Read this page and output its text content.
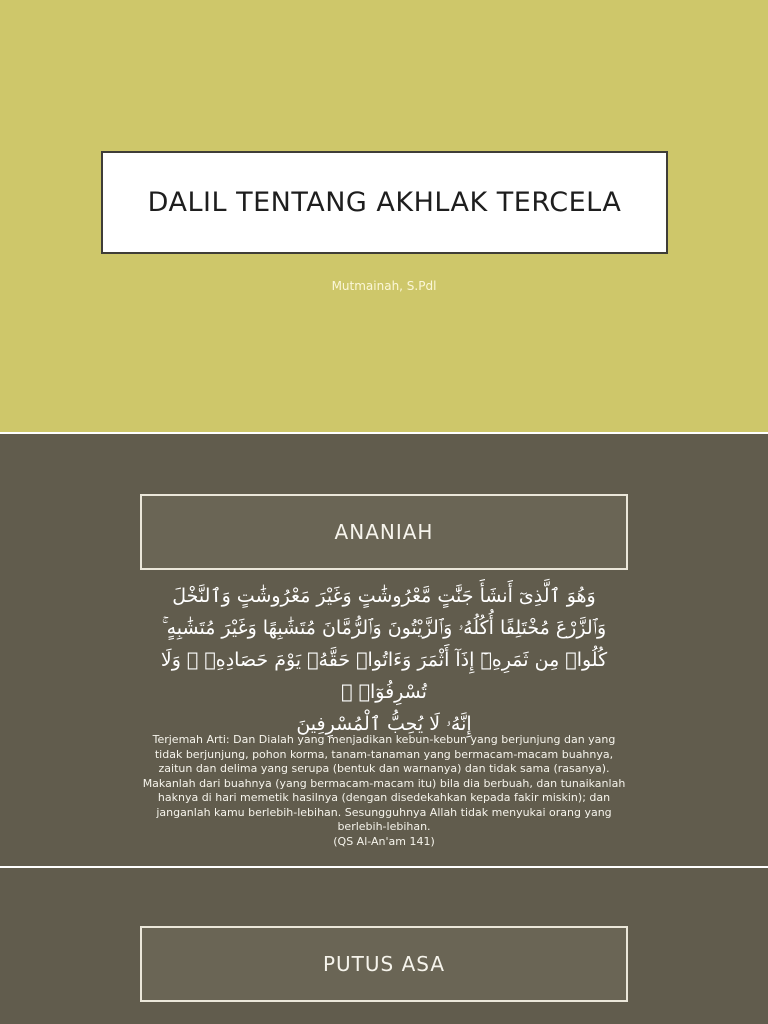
DALIL TENTANG AKHLAK TERCELA
Mutmainah, S.Pdl
ANANIAH
وَهُوَ ٱلَّذِىٓ أَنشَأَ جَنَّٰتٍ مَّعْرُوشَٰتٍ وَغَيْرَ مَعْرُوشَٰتٍ وَٱلنَّخْلَ
وَٱلزَّرْعَ مُخْتَلِفًا أُكُلُهُۥ وَٱلزَّيْتُونَ وَٱلرُّمَّانَ مُتَشَٰبِهًا وَغَيْرَ مُتَشَٰبِهٍ ۚ
كُلُوا۟ مِن ثَمَرِهِۦٓ إِذَآ أَثْمَرَ وَءَاتُوا۟ حَقَّهُۥ يَوْمَ حَصَادِهِۦ ۖ وَلَا تُسْرِفُوٓا۟ ۚ
إِنَّهُۥ لَا يُحِبُّ ٱلْمُسْرِفِينَ

Terjemah Arti: Dan Dialah yang menjadikan kebun-kebun yang berjunjung dan yang tidak berjunjung, pohon korma, tanam-tanaman yang bermacam-macam buahnya, zaitun dan delima yang serupa (bentuk dan warnanya) dan tidak sama (rasanya). Makanlah dari buahnya (yang bermacam-macam itu) bila dia berbuah, dan tunaikanlah haknya di hari memetik hasilnya (dengan disedekahkan kepada fakir miskin); dan janganlah kamu berlebih-lebihan. Sesungguhnya Allah tidak menyukai orang yang berlebih-lebihan.

(QS Al-An'am 141)

PUTUS ASA
